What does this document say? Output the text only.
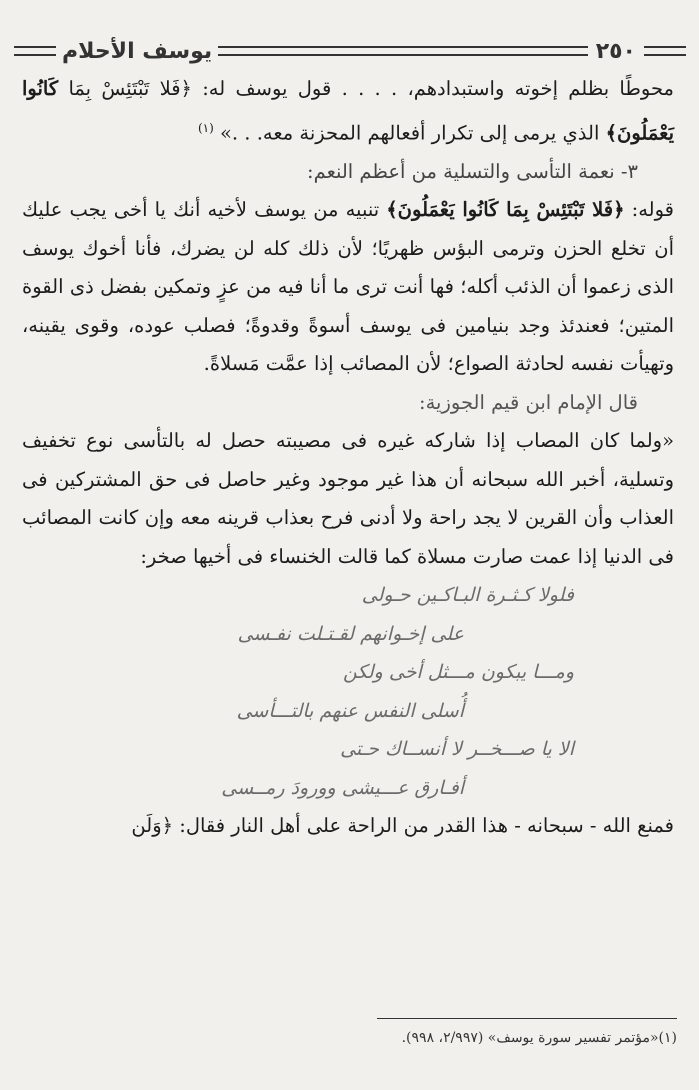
٢٥٠
يوسف الأحلام

محوطًا بظلم إخوته واستبدادهم، . . . . قول يوسف له: ﴿فَلا تَبْتَئِسْ بِمَا كَانُوا يَعْمَلُونَ﴾ الذي يرمى إلى تكرار أفعالهم المحزنة معه. . .» $^{(١)}$

٣- نعمة التأسى والتسلية من أعظم النعم:

قوله: ﴿فَلا تَبْتَئِسْ بِمَا كَانُوا يَعْمَلُونَ﴾ تنبيه من يوسف لأخيه أنك يا أخى يجب عليك أن تخلع الحزن وترمى البؤس ظهريًا؛ لأن ذلك كله لن يضرك، فأنا أخوك يوسف الذى زعموا أن الذئب أكله؛ فها أنت ترى ما أنا فيه من عزٍ وتمكين بفضل ذى القوة المتين؛ فعندئذ وجد بنيامين فى يوسف أسوةً وقدوةً؛ فصلب عوده، وقوى يقينه، وتهيأت نفسه لحادثة الصواع؛ لأن المصائب إذا عمَّت مَسلاةً.

قال الإمام ابن قيم الجوزية:

«ولما كان المصاب إذا شاركه غيره فى مصيبته حصل له بالتأسى نوع تخفيف وتسلية، أخبر الله سبحانه أن هذا غير موجود وغير حاصل فى حق المشتركين فى العذاب وأن القرين لا يجد راحة ولا أدنى فرح بعذاب قرينه معه وإن كانت المصائب فى الدنيا إذا عمت صارت مسلاة كما قالت الخنساء فى أخيها صخر:

فلولا كـثـرة البـاكـين حـولى
على إخـوانهم لقـتـلت نفـسى
ومـــا يبكون مـــثل أخى ولكن
أُسلى النفس عنهم بالتـــأسى
الا يا صـــخــر لا أنســاك حـتى
أفـارق عـــيشى وورودَ رمــسى

فمنع الله - سبحانه - هذا القدر من الراحة على أهل النار فقال: ﴿وَلَن

(١)«مؤتمر تفسير سورة يوسف» (٢/٩٩٧، ٩٩٨).
